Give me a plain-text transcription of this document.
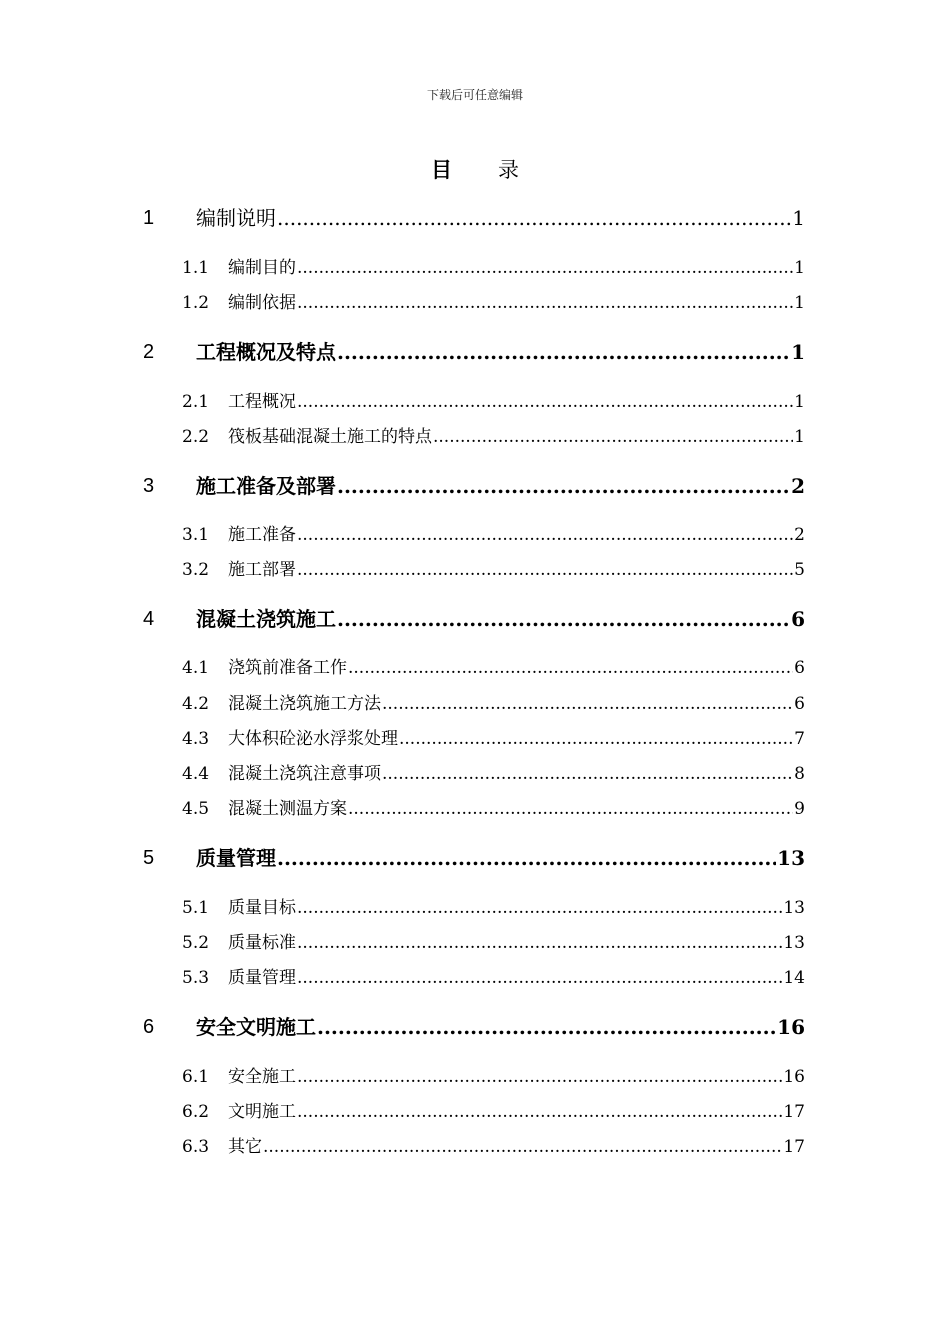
下载后可任意编辑
目 录
1 编制说明 .....	1
1.1 编制目的 .....	1
1.2 编制依据 .....	1
2 工程概况及特点 .....	1
2.1 工程概况 .....	1
2.2 筏板基础混凝土施工的特点 .....	1
3 施工准备及部署 .....	2
3.1 施工准备 .....	2
3.2 施工部署 .....	5
4 混凝土浇筑施工 .....	6
4.1 浇筑前准备工作 .....	6
4.2 混凝土浇筑施工方法 .....	6
4.3 大体积砼泌水浮浆处理 .....	7
4.4 混凝土浇筑注意事项 .....	8
4.5 混凝土测温方案 .....	9
5 质量管理 .....	13
5.1 质量目标 .....	13
5.2 质量标准 .....	13
5.3 质量管理 .....	14
6 安全文明施工 .....	16
6.1 安全施工 .....	16
6.2 文明施工 .....	17
6.3 其它 .....	17
